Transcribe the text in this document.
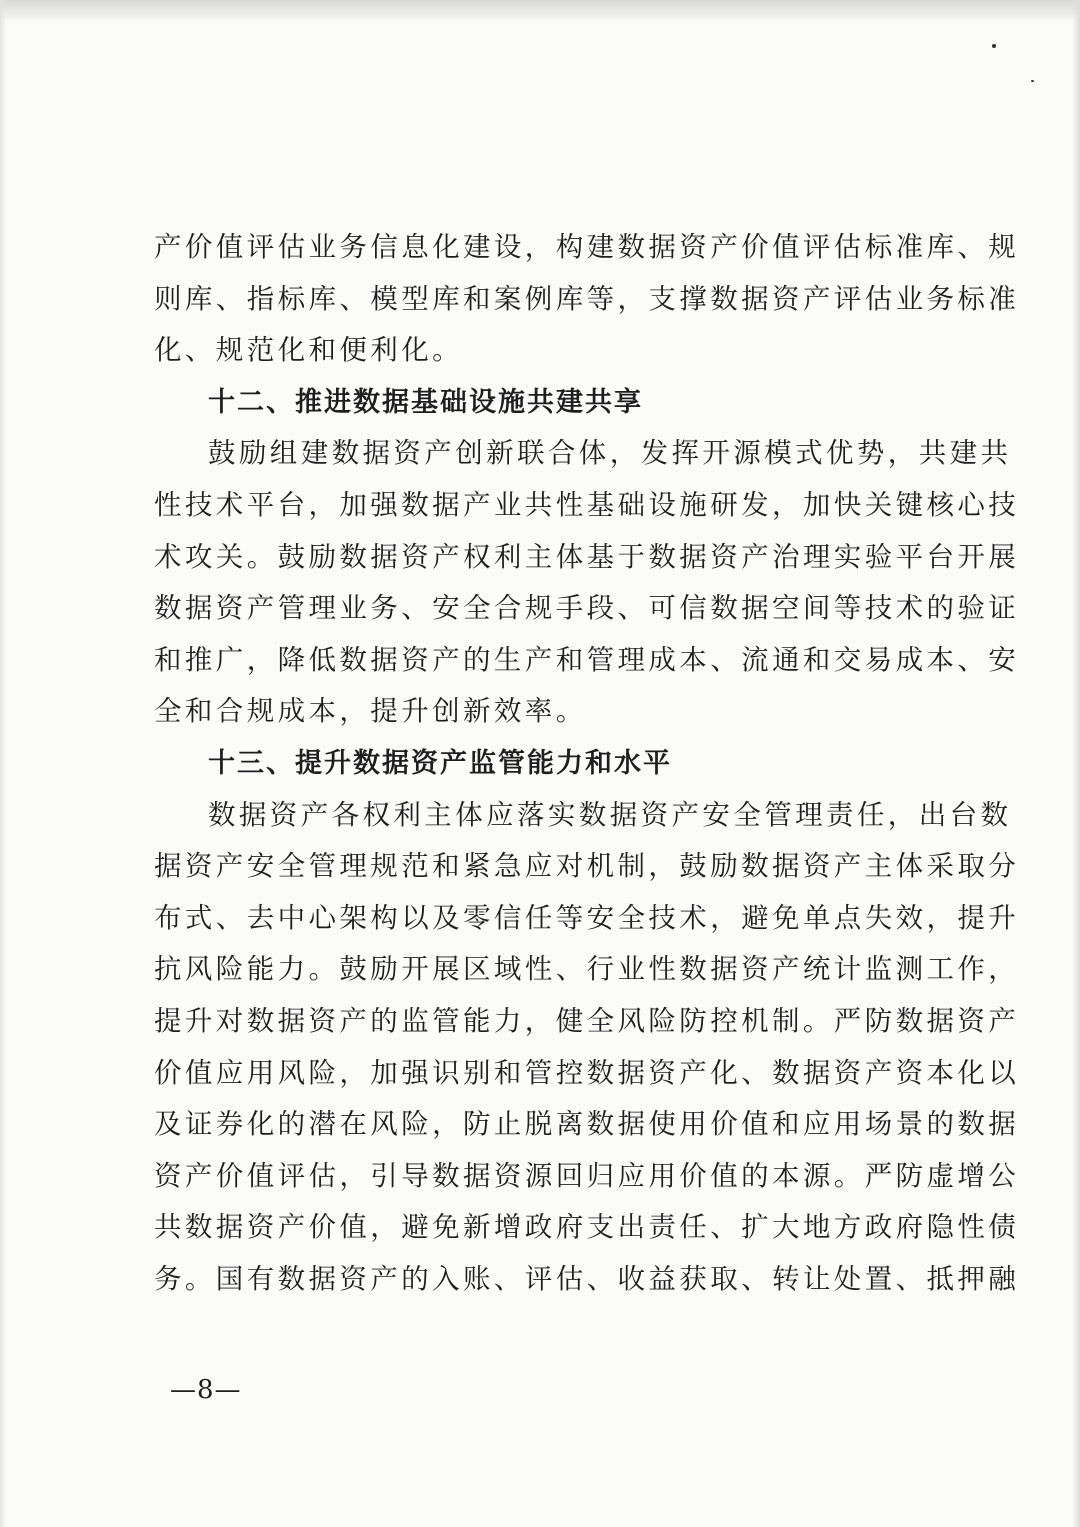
产价值评估业务信息化建设，构建数据资产价值评估标准库、规
则库、指标库、模型库和案例库等，支撑数据资产评估业务标准
化、规范化和便利化。
十二、推进数据基础设施共建共享
鼓励组建数据资产创新联合体，发挥开源模式优势，共建共
性技术平台，加强数据产业共性基础设施研发，加快关键核心技
术攻关。鼓励数据资产权利主体基于数据资产治理实验平台开展
数据资产管理业务、安全合规手段、可信数据空间等技术的验证
和推广，降低数据资产的生产和管理成本、流通和交易成本、安
全和合规成本，提升创新效率。
十三、提升数据资产监管能力和水平
数据资产各权利主体应落实数据资产安全管理责任，出台数
据资产安全管理规范和紧急应对机制，鼓励数据资产主体采取分
布式、去中心架构以及零信任等安全技术，避免单点失效，提升
抗风险能力。鼓励开展区域性、行业性数据资产统计监测工作，
提升对数据资产的监管能力，健全风险防控机制。严防数据资产
价值应用风险，加强识别和管控数据资产化、数据资产资本化以
及证券化的潜在风险，防止脱离数据使用价值和应用场景的数据
资产价值评估，引导数据资源回归应用价值的本源。严防虚增公
共数据资产价值，避免新增政府支出责任、扩大地方政府隐性债
务。国有数据资产的入账、评估、收益获取、转让处置、抵押融
—8—
